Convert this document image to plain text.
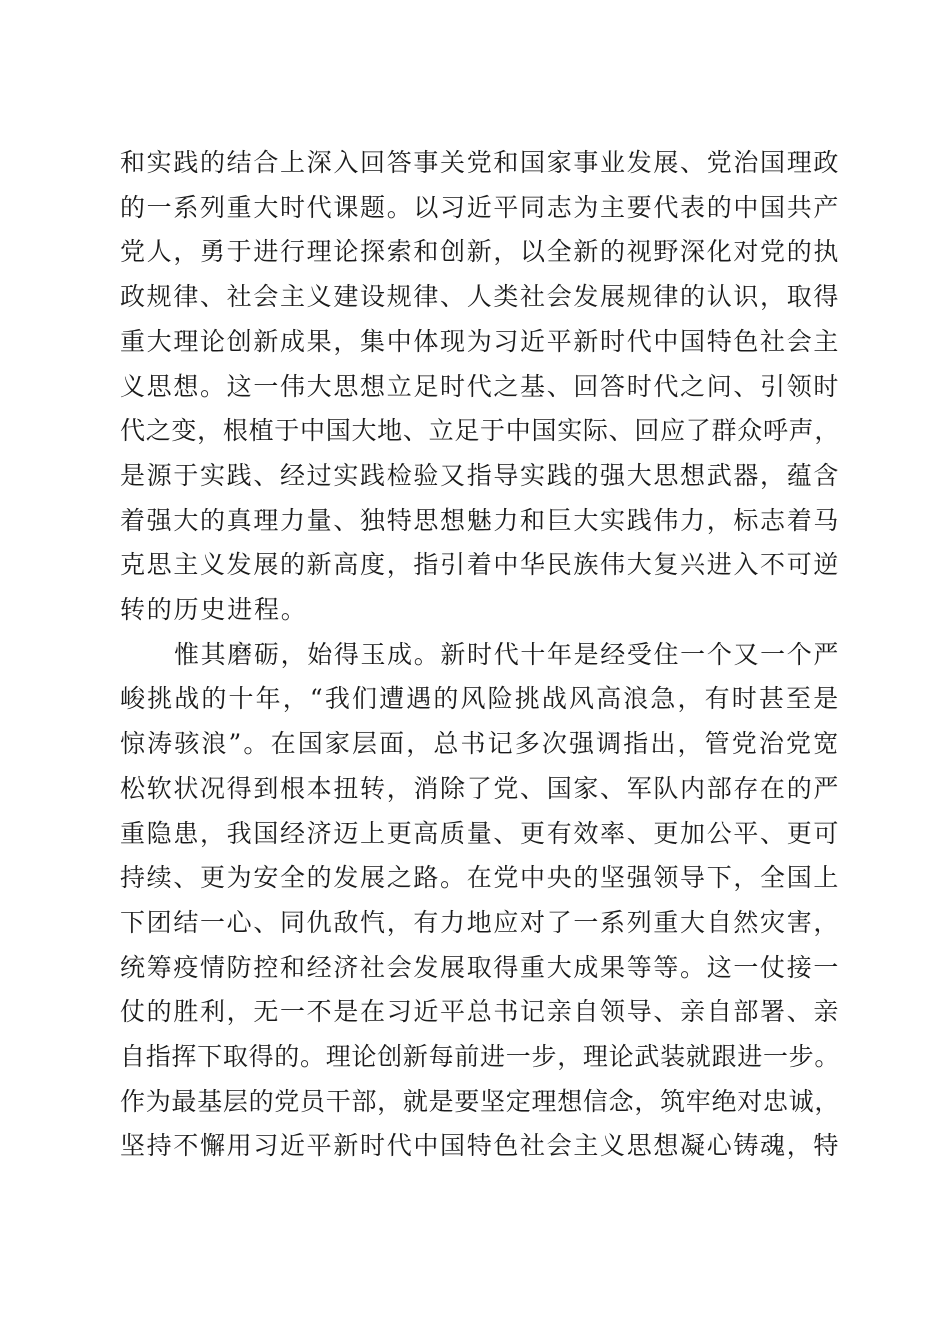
和实践的结合上深入回答事关党和国家事业发展、党治国理政
的一系列重大时代课题。以习近平同志为主要代表的中国共产
党人，勇于进行理论探索和创新，以全新的视野深化对党的执
政规律、社会主义建设规律、人类社会发展规律的认识，取得
重大理论创新成果，集中体现为习近平新时代中国特色社会主
义思想。这一伟大思想立足时代之基、回答时代之问、引领时
代之变，根植于中国大地、立足于中国实际、回应了群众呼声，
是源于实践、经过实践检验又指导实践的强大思想武器，蕴含
着强大的真理力量、独特思想魅力和巨大实践伟力，标志着马
克思主义发展的新高度，指引着中华民族伟大复兴进入不可逆
转的历史进程。

惟其磨砺，始得玉成。新时代十年是经受住一个又一个严
峻挑战的十年，“我们遭遇的风险挑战风高浪急，有时甚至是
惊涛骇浪”。在国家层面，总书记多次强调指出，管党治党宽
松软状况得到根本扭转，消除了党、国家、军队内部存在的严
重隐患，我国经济迈上更高质量、更有效率、更加公平、更可
持续、更为安全的发展之路。在党中央的坚强领导下，全国上
下团结一心、同仇敌忾，有力地应对了一系列重大自然灾害，
统筹疫情防控和经济社会发展取得重大成果等等。这一仗接一
仗的胜利，无一不是在习近平总书记亲自领导、亲自部署、亲
自指挥下取得的。理论创新每前进一步，理论武装就跟进一步。
作为最基层的党员干部，就是要坚定理想信念，筑牢绝对忠诚，
坚持不懈用习近平新时代中国特色社会主义思想凝心铸魂，特
